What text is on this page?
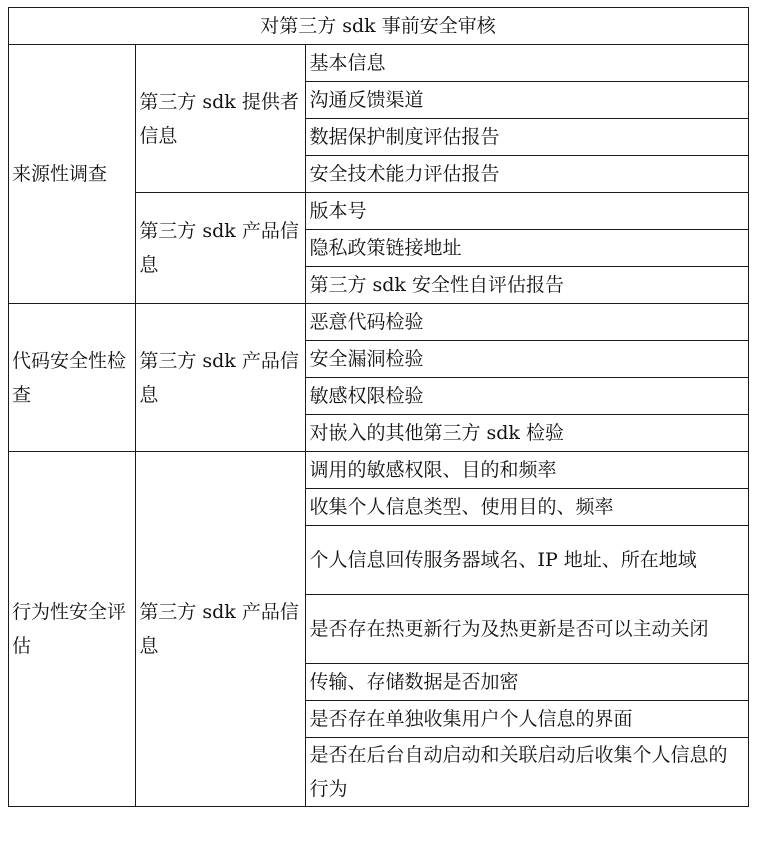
对第三方 sdk 事前安全审核		
来源性调查	第三方 sdk 提供者信息	基本信息
		沟通反馈渠道
		数据保护制度评估报告
		安全技术能力评估报告
	第三方 sdk 产品信息	版本号
		隐私政策链接地址
		第三方 sdk 安全性自评估报告
代码安全性检查	第三方 sdk 产品信息	恶意代码检验
		安全漏洞检验
		敏感权限检验
		对嵌入的其他第三方 sdk 检验
行为性安全评估	第三方 sdk 产品信息	调用的敏感权限、目的和频率
		收集个人信息类型、使用目的、频率
		个人信息回传服务器域名、IP 地址、所在地域
		是否存在热更新行为及热更新是否可以主动关闭
		传输、存储数据是否加密
		是否存在单独收集用户个人信息的界面
		是否在后台自动启动和关联启动后收集个人信息的行为
